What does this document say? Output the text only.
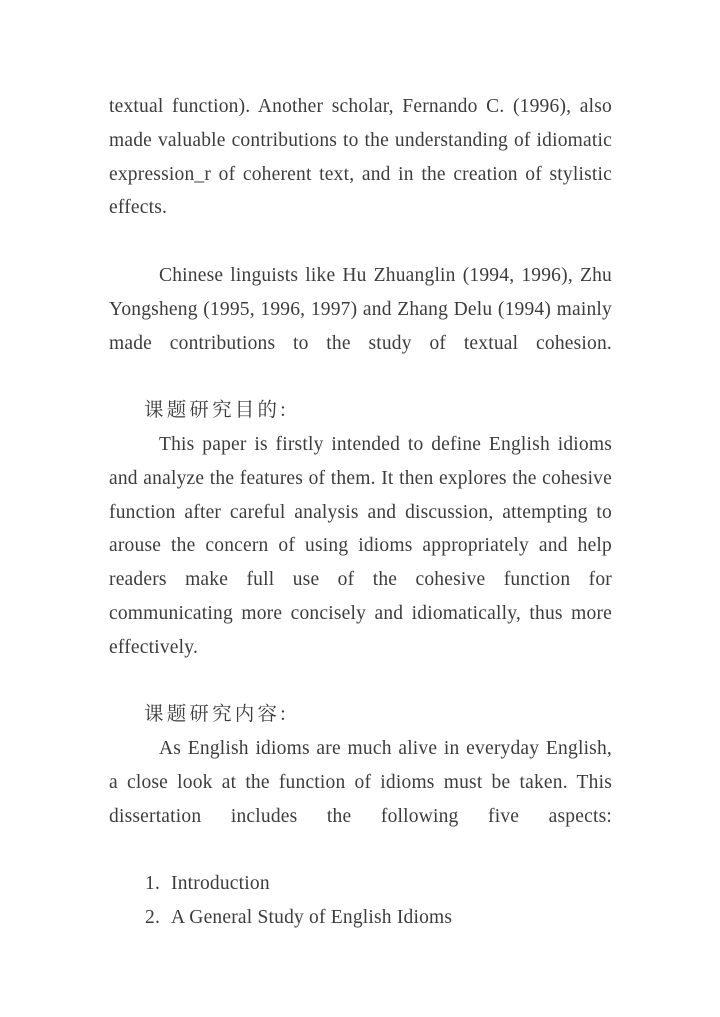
textual function). Another scholar, Fernando C. (1996), also made valuable contributions to the understanding of idiomatic expression_r of coherent text, and in the creation of stylistic effects.

Chinese linguists like Hu Zhuanglin (1994, 1996), Zhu Yongsheng (1995, 1996, 1997) and Zhang Delu (1994) mainly made contributions to the study of textual cohesion.

课题研究目的:

This paper is firstly intended to define English idioms and analyze the features of them. It then explores the cohesive function after careful analysis and discussion, attempting to arouse the concern of using idioms appropriately and help readers make full use of the cohesive function for communicating more concisely and idiomatically, thus more effectively.

课题研究内容:

As English idioms are much alive in everyday English, a close look at the function of idioms must be taken. This dissertation includes the following five aspects:

1. Introduction
2. A General Study of English Idioms
